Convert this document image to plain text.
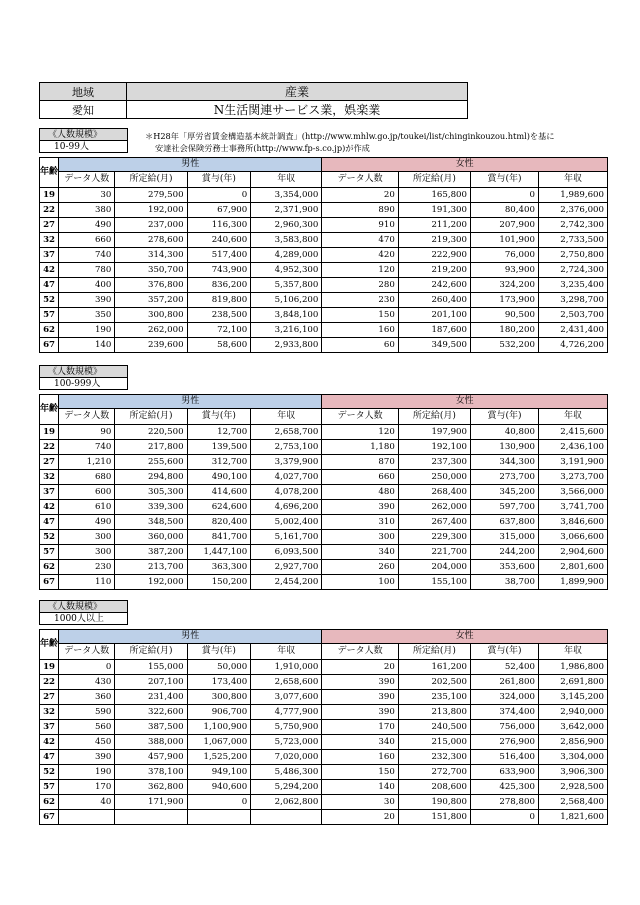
地域	産業
愛知	N生活関連サービス業，娯楽業
＊H28年「厚労省賃金構造基本統計調査」(http://www.mhlw.go.jp/toukei/list/chinginkouzou.html)を基に
安達社会保険労務士事務所(http://www.fp-s.co.jp)が作成
《人数規模》
10-99人
年齢	男性				女性			
	データ人数	所定給(月)	賞与(年)	年収	データ人数	所定給(月)	賞与(年)	年収
19	30	279,500	0	3,354,000	20	165,800	0	1,989,600
22	380	192,000	67,900	2,371,900	890	191,300	80,400	2,376,000
27	490	237,000	116,300	2,960,300	910	211,200	207,900	2,742,300
32	660	278,600	240,600	3,583,800	470	219,300	101,900	2,733,500
37	740	314,300	517,400	4,289,000	420	222,900	76,000	2,750,800
42	780	350,700	743,900	4,952,300	120	219,200	93,900	2,724,300
47	400	376,800	836,200	5,357,800	280	242,600	324,200	3,235,400
52	390	357,200	819,800	5,106,200	230	260,400	173,900	3,298,700
57	350	300,800	238,500	3,848,100	150	201,100	90,500	2,503,700
62	190	262,000	72,100	3,216,100	160	187,600	180,200	2,431,400
67	140	239,600	58,600	2,933,800	60	349,500	532,200	4,726,200
《人数規模》
100-999人
年齢	男性				女性			
	データ人数	所定給(月)	賞与(年)	年収	データ人数	所定給(月)	賞与(年)	年収
19	90	220,500	12,700	2,658,700	120	197,900	40,800	2,415,600
22	740	217,800	139,500	2,753,100	1,180	192,100	130,900	2,436,100
27	1,210	255,600	312,700	3,379,900	870	237,300	344,300	3,191,900
32	680	294,800	490,100	4,027,700	660	250,000	273,700	3,273,700
37	600	305,300	414,600	4,078,200	480	268,400	345,200	3,566,000
42	610	339,300	624,600	4,696,200	390	262,000	597,700	3,741,700
47	490	348,500	820,400	5,002,400	310	267,400	637,800	3,846,600
52	300	360,000	841,700	5,161,700	300	229,300	315,000	3,066,600
57	300	387,200	1,447,100	6,093,500	340	221,700	244,200	2,904,600
62	230	213,700	363,300	2,927,700	260	204,000	353,600	2,801,600
67	110	192,000	150,200	2,454,200	100	155,100	38,700	1,899,900
《人数規模》
1000人以上
年齢	男性				女性			
	データ人数	所定給(月)	賞与(年)	年収	データ人数	所定給(月)	賞与(年)	年収
19	0	155,000	50,000	1,910,000	20	161,200	52,400	1,986,800
22	430	207,100	173,400	2,658,600	390	202,500	261,800	2,691,800
27	360	231,400	300,800	3,077,600	390	235,100	324,000	3,145,200
32	590	322,600	906,700	4,777,900	390	213,800	374,400	2,940,000
37	560	387,500	1,100,900	5,750,900	170	240,500	756,000	3,642,000
42	450	388,000	1,067,000	5,723,000	340	215,000	276,900	2,856,900
47	390	457,900	1,525,200	7,020,000	160	232,300	516,400	3,304,000
52	190	378,100	949,100	5,486,300	150	272,700	633,900	3,906,300
57	170	362,800	940,600	5,294,200	140	208,600	425,300	2,928,500
62	40	171,900	0	2,062,800	30	190,800	278,800	2,568,400
67					20	151,800	0	1,821,600
